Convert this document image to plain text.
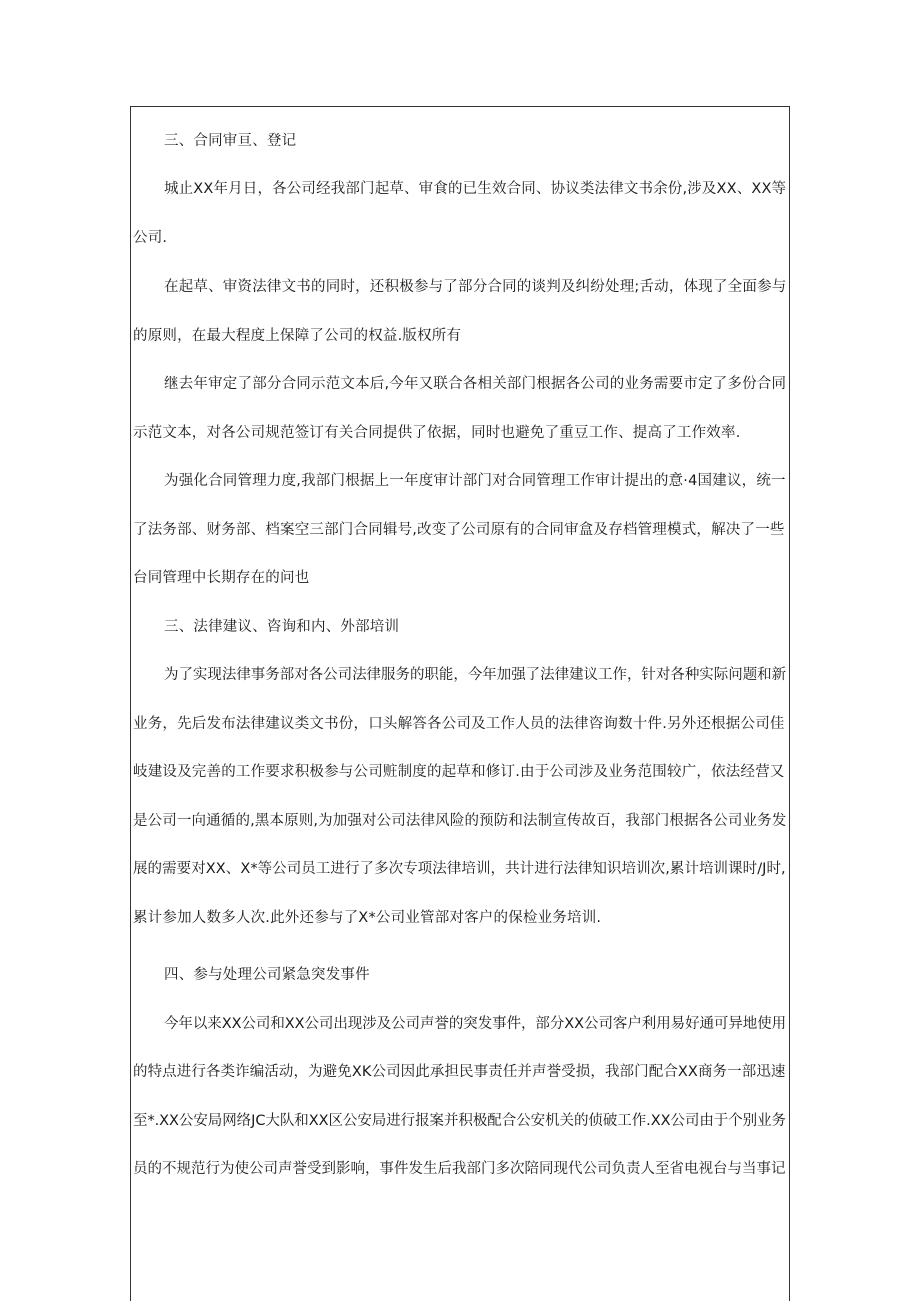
三、合同审亘、登记
城止XX年月日，各公司经我部门起草、审食的已生效合同、协议类法律文书余份,涉及XX、XX等
公司.
在起草、审资法律文书的同时，还积极参与了部分合同的谈判及纠纷处理;舌动，体现了全面参与
的原则，在最大程度上保障了公司的权益.版权所有
继去年审定了部分合同示范文本后,今年又联合各相关部门根据各公司的业务需要市定了多份合同
示范文本，对各公司规范签订有关合同提供了依据，同时也避免了重豆工作、提高了工作效率.
为强化合同管理力度,我部门根据上一年度审计部门对合同管理工作审计提出的意·4国建议，统一
了法务部、财务部、档案空三部门合同辑号,改变了公司原有的合同审盒及存档管理模式，解决了一些
台同管理中长期存在的问也
三、法律建议、咨询和内、外部培训
为了实现法律事务部对各公司法律服务的职能，今年加强了法律建议工作，针对各种实际问题和新
业务，先后发布法律建议类文书份，口头解答各公司及工作人员的法律咨询数十件.另外还根据公司佳
岐建设及完善的工作要求积极参与公司赃制度的起草和修订.由于公司涉及业务范围较广，依法经营又
是公司一向通循的,黑本原则,为加强对公司法律风险的预防和法制宣传故百，我部门根据各公司业务发
展的需要对XX、X*等公司员工进行了多次专项法律培训，共计进行法律知识培训次,累计培训课时/J时,
累计参加人数多人次.此外还参与了X*公司业管部对客户的保检业务培训.
四、参与处理公司紧急突发事件
今年以来XX公司和XX公司出现涉及公司声誉的突发事件，部分XX公司客户利用易好通可异地使用
的特点进行各类诈编活动，为避免XK公司因此承担民事责任并声誉受损，我部门配合XX商务一部迅速
至*.XX公安局网络JC大队和XX区公安局进行报案并积极配合公安机关的侦破工作.XX公司由于个别业务
员的不规范行为使公司声誉受到影响，事件发生后我部门多次陪同现代公司负责人至省电视台与当事记
